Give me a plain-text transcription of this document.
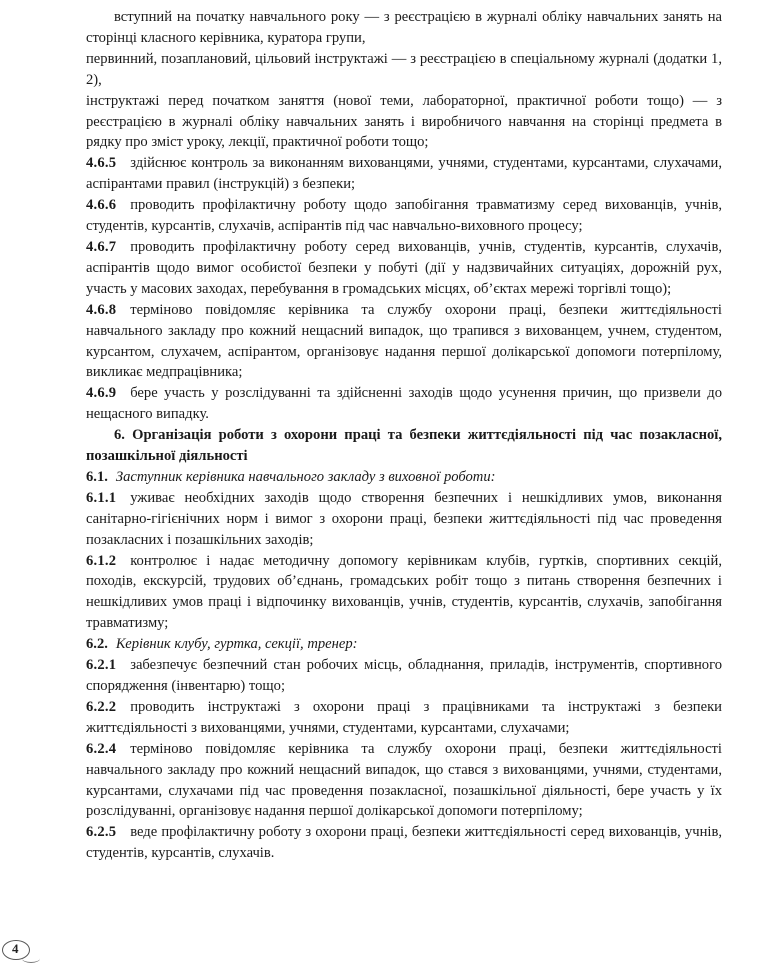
вступний на початку навчального року — з реєстрацією в журналі обліку навчальних занять на сторінці класного керівника, куратора групи,

первинний, позаплановий, цільовий інструктажі — з реєстрацією в спеціальному журналі (додатки 1, 2),

інструктажі перед початком заняття (нової теми, лабораторної, практичної роботи тощо) — з реєстрацією в журналі обліку навчальних занять і виробничого навчання на сторінці предмета в рядку про зміст уроку, лекції, практичної роботи тощо;

4.6.5 здійснює контроль за виконанням вихованцями, учнями, студентами, курсантами, слухачами, аспірантами правил (інструкцій) з безпеки;

4.6.6 проводить профілактичну роботу щодо запобігання травматизму серед вихованців, учнів, студентів, курсантів, слухачів, аспірантів під час навчально-виховного процесу;

4.6.7 проводить профілактичну роботу серед вихованців, учнів, студентів, курсантів, слухачів, аспірантів щодо вимог особистої безпеки у побуті (дії у надзвичайних ситуаціях, дорожній рух, участь у масових заходах, перебування в громадських місцях, об’єктах мережі торгівлі тощо);

4.6.8 терміново повідомляє керівника та службу охорони праці, безпеки життєдіяльності навчального закладу про кожний нещасний випадок, що трапився з вихованцем, учнем, студентом, курсантом, слухачем, аспірантом, організовує надання першої долікарської допомоги потерпілому, викликає медпрацівника;

4.6.9 бере участь у розслідуванні та здійсненні заходів щодо усунення причин, що призвели до нещасного випадку.

6. Організація роботи з охорони праці та безпеки життєдіяльності під час позакласної, позашкільної діяльності

6.1. Заступник керівника навчального закладу з виховної роботи:

6.1.1 уживає необхідних заходів щодо створення безпечних і нешкідливих умов, виконання санітарно-гігієнічних норм і вимог з охорони праці, безпеки життєдіяльності під час проведення позакласних і позашкільних заходів;

6.1.2 контролює і надає методичну допомогу керівникам клубів, гуртків, спортивних секцій, походів, екскурсій, трудових об’єднань, громадських робіт тощо з питань створення безпечних і нешкідливих умов праці і відпочинку вихованців, учнів, студентів, курсантів, слухачів, запобігання травматизму;

6.2. Керівник клубу, гуртка, секції, тренер:

6.2.1 забезпечує безпечний стан робочих місць, обладнання, приладів, інструментів, спортивного спорядження (інвентарю) тощо;

6.2.2 проводить інструктажі з охорони праці з працівниками та інструктажі з безпеки життєдіяльності з вихованцями, учнями, студентами, курсантами, слухачами;

6.2.4 терміново повідомляє керівника та службу охорони праці, безпеки життєдіяльності навчального закладу про кожний нещасний випадок, що стався з вихованцями, учнями, студентами, курсантами, слухачами під час проведення позакласної, позашкільної діяльності, бере участь у їх розслідуванні, організовує надання першої долікарської допомоги потерпілому;

6.2.5 веде профілактичну роботу з охорони праці, безпеки життєдіяльності серед вихованців, учнів, студентів, курсантів, слухачів.

4
